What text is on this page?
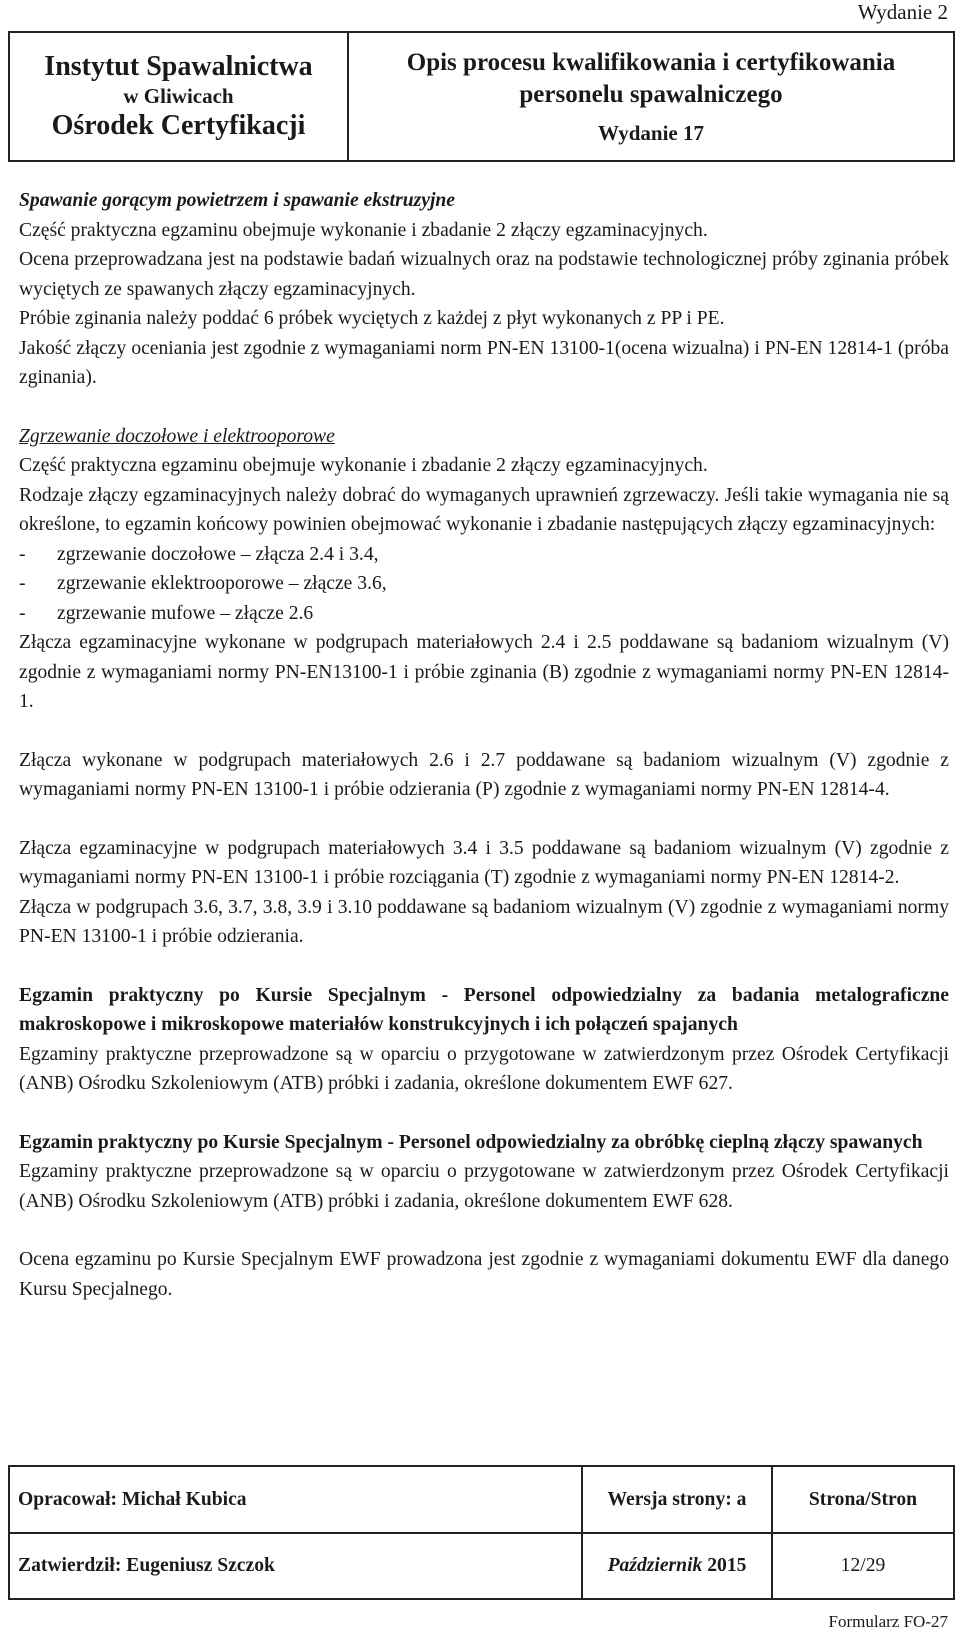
Wydanie 2
Instytut Spawalnictwa
w Gliwicach
Ośrodek Certyfikacji

Opis procesu kwalifikowania i certyfikowania
personelu spawalniczego
Wydanie 17

Spawanie gorącym powietrzem i spawanie ekstruzyjne

Część praktyczna egzaminu obejmuje wykonanie i zbadanie 2 złączy egzaminacyjnych.

Ocena przeprowadzana jest na podstawie badań wizualnych oraz na podstawie technologicznej próby zginania próbek wyciętych ze spawanych złączy egzaminacyjnych.

Próbie zginania należy poddać 6 próbek wyciętych z każdej z płyt wykonanych z PP i PE.

Jakość złączy oceniania jest zgodnie z wymaganiami norm PN-EN 13100-1(ocena wizualna) i PN-EN 12814-1 (próba zginania).

Zgrzewanie doczołowe i elektrooporowe

Część praktyczna egzaminu obejmuje wykonanie i zbadanie 2 złączy egzaminacyjnych.

Rodzaje złączy egzaminacyjnych należy dobrać do wymaganych uprawnień zgrzewaczy. Jeśli takie wymagania nie są określone, to egzamin końcowy powinien obejmować wykonanie i zbadanie następujących złączy egzaminacyjnych:

- zgrzewanie doczołowe – złącza 2.4 i 3.4,

- zgrzewanie eklektrooporowe – złącze 3.6,

- zgrzewanie mufowe – złącze 2.6

Złącza egzaminacyjne wykonane w podgrupach materiałowych 2.4 i 2.5 poddawane są badaniom wizualnym (V) zgodnie z wymaganiami normy PN-EN13100-1 i próbie zginania (B) zgodnie z wymaganiami normy PN-EN 12814-1.

Złącza wykonane w podgrupach materiałowych 2.6 i 2.7 poddawane są badaniom wizualnym (V) zgodnie z wymaganiami normy PN-EN 13100-1 i próbie odzierania (P) zgodnie z wymaganiami normy PN-EN 12814-4.

Złącza egzaminacyjne w podgrupach materiałowych 3.4 i 3.5 poddawane są badaniom wizualnym (V) zgodnie z wymaganiami normy PN-EN 13100-1 i próbie rozciągania (T) zgodnie z wymaganiami normy PN-EN 12814-2.

Złącza w podgrupach 3.6, 3.7, 3.8, 3.9 i 3.10 poddawane są badaniom wizualnym (V) zgodnie z wymaganiami normy PN-EN 13100-1 i próbie odzierania.

Egzamin praktyczny po Kursie Specjalnym - Personel odpowiedzialny za badania metalograficzne makroskopowe i mikroskopowe materiałów konstrukcyjnych i ich połączeń spajanych

Egzaminy praktyczne przeprowadzone są w oparciu o przygotowane w zatwierdzonym przez Ośrodek Certyfikacji (ANB) Ośrodku Szkoleniowym (ATB) próbki i zadania, określone dokumentem EWF 627.

Egzamin praktyczny po Kursie Specjalnym - Personel odpowiedzialny za obróbkę cieplną złączy spawanych

Egzaminy praktyczne przeprowadzone są w oparciu o przygotowane w zatwierdzonym przez Ośrodek Certyfikacji (ANB) Ośrodku Szkoleniowym (ATB) próbki i zadania, określone dokumentem EWF 628.

Ocena egzaminu po Kursie Specjalnym EWF prowadzona jest zgodnie z wymaganiami dokumentu EWF dla danego Kursu Specjalnego.

Opracował: Michał Kubica	Wersja strony: a	Strona/Stron
Zatwierdził: Eugeniusz Szczok	Październik 2015	12/29
Formularz FO-27
